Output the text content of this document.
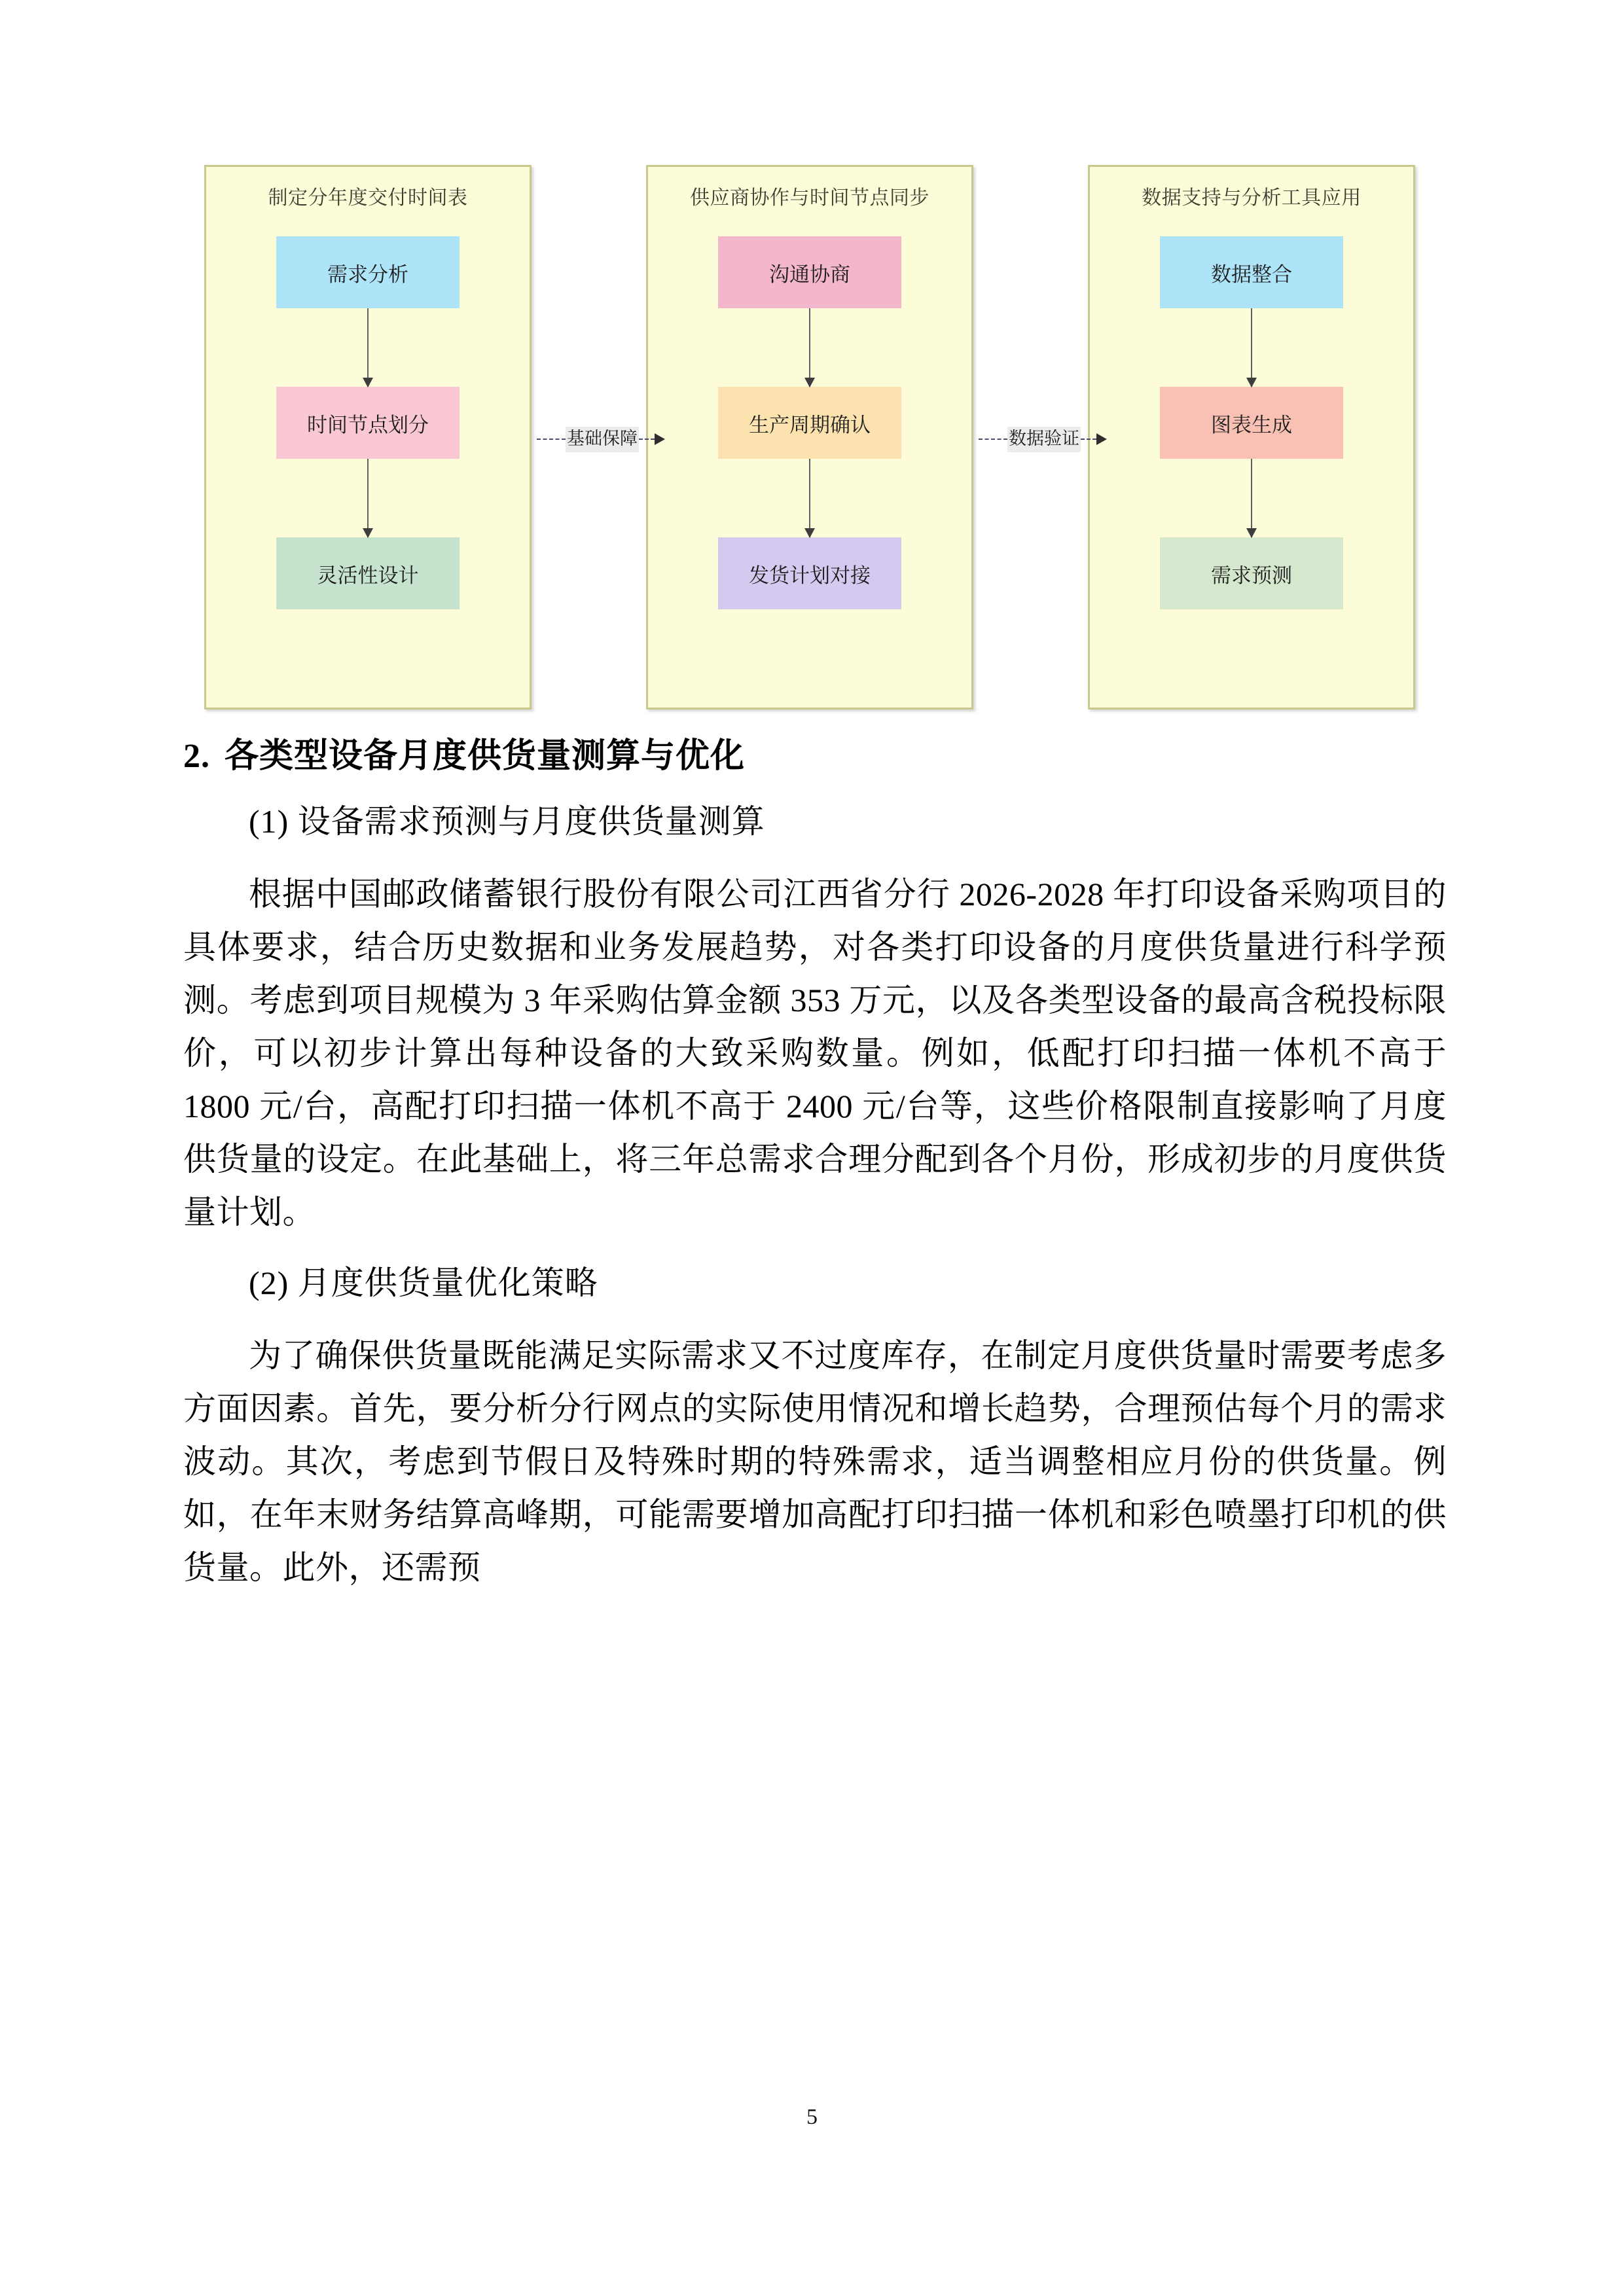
制定分年度交付时间表
需求分析
时间节点划分
灵活性设计
供应商协作与时间节点同步
沟通协商
生产周期确认
发货计划对接
数据支持与分析工具应用
数据整合
图表生成
需求预测
基础保障	数据验证
2. 各类型设备月度供货量测算与优化
(1) 设备需求预测与月度供货量测算

根据中国邮政储蓄银行股份有限公司江西省分行 2026-2028 年打印设备采购项目的具体要求，结合历史数据和业务发展趋势，对各类打印设备的月度供货量进行科学预测。考虑到项目规模为 3 年采购估算金额 353 万元，以及各类型设备的最高含税投标限价，可以初步计算出每种设备的大致采购数量。例如，低配打印扫描一体机不高于 1800 元/台，高配打印扫描一体机不高于 2400 元/台等，这些价格限制直接影响了月度供货量的设定。在此基础上，将三年总需求合理分配到各个月份，形成初步的月度供货量计划。

(2) 月度供货量优化策略

为了确保供货量既能满足实际需求又不过度库存，在制定月度供货量时需要考虑多方面因素。首先，要分析分行网点的实际使用情况和增长趋势，合理预估每个月的需求波动。其次，考虑到节假日及特殊时期的特殊需求，适当调整相应月份的供货量。例如，在年末财务结算高峰期，可能需要增加高配打印扫描一体机和彩色喷墨打印机的供货量。此外，还需预

5
